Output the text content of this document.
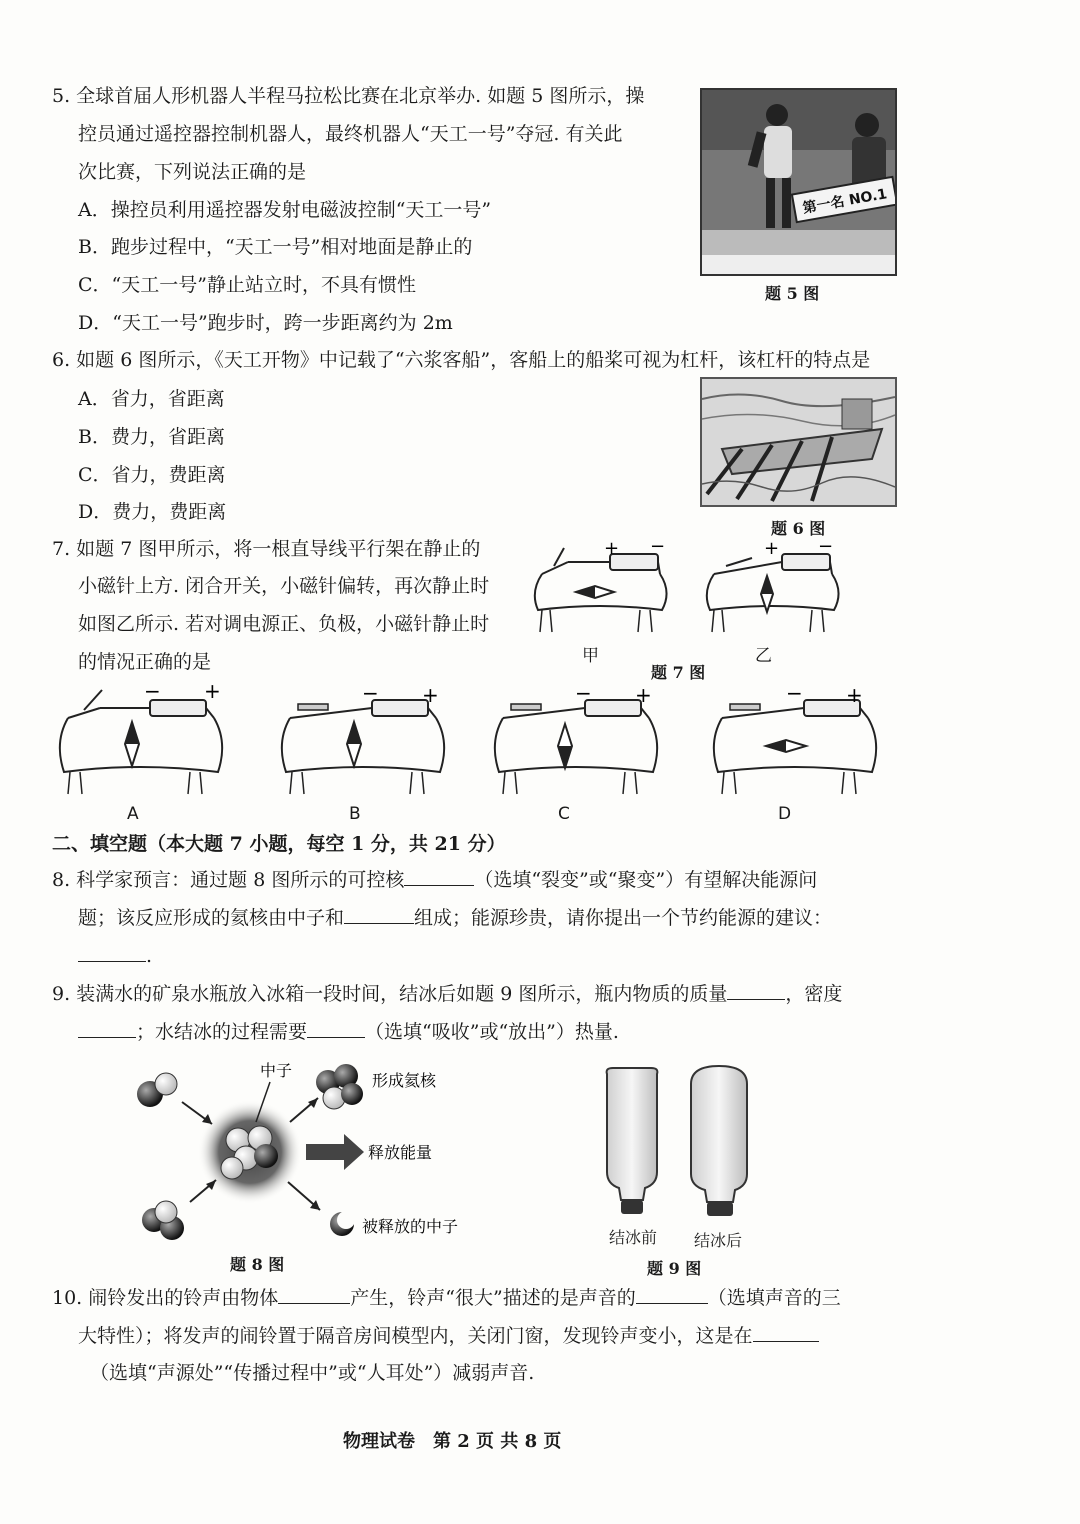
5. 全球首届人形机器人半程马拉松比赛在北京举办. 如题 5 图所示，操
控员通过遥控器控制机器人，最终机器人“天工一号”夺冠. 有关此
次比赛，下列说法正确的是
A．操控员利用遥控器发射电磁波控制“天工一号”
B．跑步过程中，“天工一号”相对地面是静止的
C．“天工一号”静止站立时，不具有惯性
D．“天工一号”跑步时，跨一步距离约为 2m
第一名 NO.1
题 5 图
6. 如题 6 图所示，《天工开物》中记载了“六浆客船”，客船上的船桨可视为杠杆，该杠杆的特点是
A．省力，省距离
B．费力，省距离
C．省力，费距离
D．费力，费距离
题 6 图
7. 如题 7 图甲所示，将一根直导线平行架在静止的
小磁针上方. 闭合开关，小磁针偏转，再次静止时
如图乙所示. 若对调电源正、负极，小磁针静止时
的情况正确的是
+ −
甲
+ −
乙
题 7 图
− +
A
− +
B
− +
C
− +
D
二、填空题（本大题 7 小题，每空 1 分，共 21 分）
8. 科学家预言：通过题 8 图所示的可控核	（选填“裂变”或“聚变”）有望解决能源问
题；该反应形成的氦核由中子和	组成；能源珍贵，请你提出一个节约能源的建议：
.
9. 装满水的矿泉水瓶放入冰箱一段时间，结冰后如题 9 图所示，瓶内物质的质量	，密度
；水结冰的过程需要	（选填“吸收”或“放出”）热量.
中子
形成氦核
释放能量
被释放的中子
题 8 图
结冰前 结冰后
题 9 图
10. 闹铃发出的铃声由物体	产生，铃声“很大”描述的是声音的	（选填声音的三
大特性）；将发声的闹铃置于隔音房间模型内，关闭门窗，发现铃声变小，这是在
（选填“声源处”“传播过程中”或“人耳处”）减弱声音.
物理试卷　第 2 页 共 8 页
